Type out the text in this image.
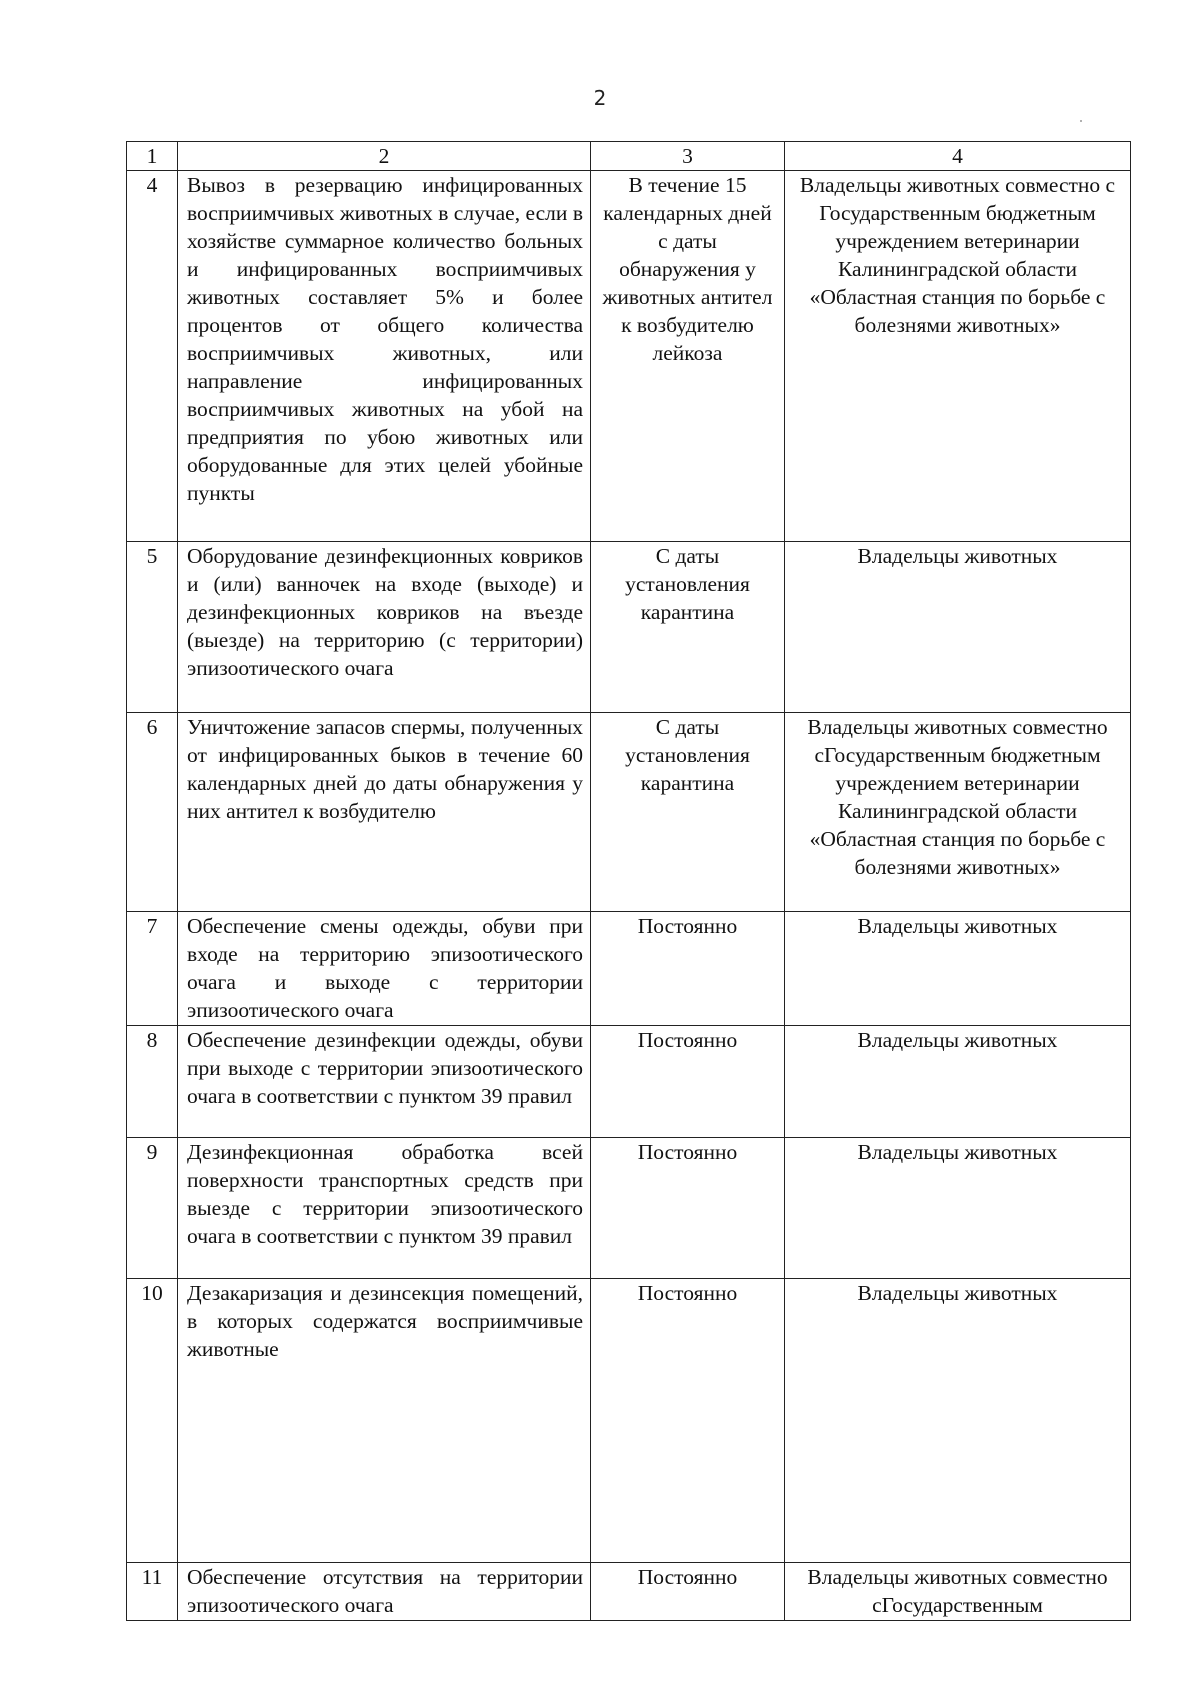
2
1	2	3	4
4	Вывоз в резервацию инфицированных восприимчивых животных в случае, если в хозяйстве суммарное количество больных и инфицированных восприимчивых животных составляет 5% и более процентов от общего количества восприимчивых животных, или направление инфицированных восприимчивых животных на убой на предприятия по убою животных или оборудованные для этих целей убойные пункты	В течение 15 календарных дней с даты обнаружения у животных антител к возбудителю лейкоза	Владельцы животных совместно с Государственным бюджетным учреждением ветеринарии Калининградской области «Областная станция по борьбе с болезнями животных»
5	Оборудование дезинфекционных ковриков и (или) ванночек на входе (выходе) и дезинфекционных ковриков на въезде (выезде) на территорию (с территории) эпизоотического очага	С даты установления карантина	Владельцы животных
6	Уничтожение запасов спермы, полученных от инфицированных быков в течение 60 календарных дней до даты обнаружения у них антител к возбудителю	С даты установления карантина	Владельцы животных совместно сГосударственным бюджетным учреждением ветеринарии Калининградской области «Областная станция по борьбе с болезнями животных»
7	Обеспечение смены одежды, обуви при входе на территорию эпизоотического очага и выходе с территории эпизоотического очага	Постоянно	Владельцы животных
8	Обеспечение дезинфекции одежды, обуви при выходе с территории эпизоотического очага в соответствии с пунктом 39 правил	Постоянно	Владельцы животных
9	Дезинфекционная обработка всей поверхности транспортных средств при выезде с территории эпизоотического очага в соответствии с пунктом 39 правил	Постоянно	Владельцы животных
10	Дезакаризация и дезинсекция помещений, в которых содержатся восприимчивые животные	Постоянно	Владельцы животных
11	Обеспечение отсутствия на территории эпизоотического очага	Постоянно	Владельцы животных совместно сГосударственным
